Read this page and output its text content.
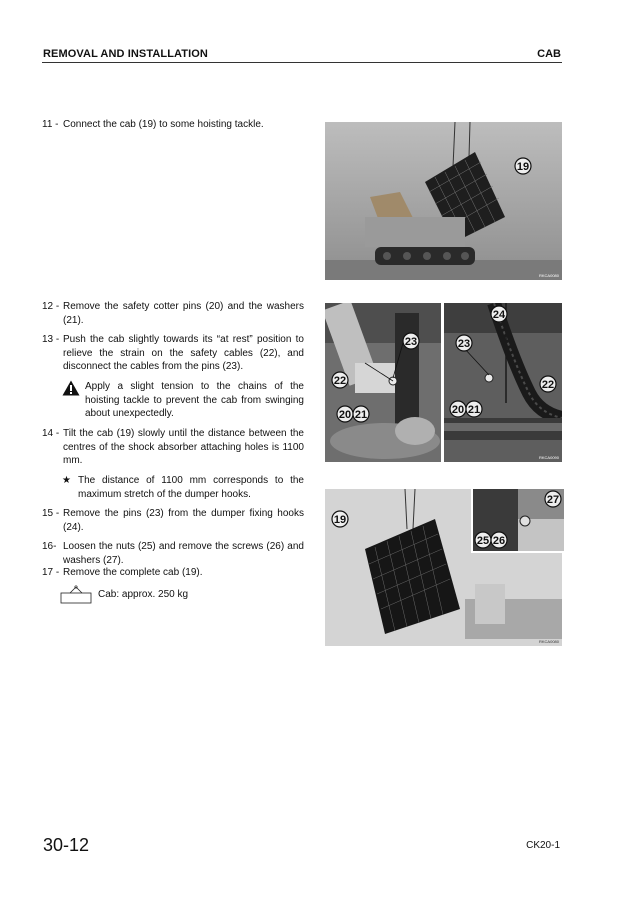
REMOVAL AND INSTALLATION	CAB
11 - Connect the cab (19) to some hoisting tackle.
12 - Remove the safety cotter pins (20) and the washers (21).
13 - Push the cab slightly towards its “at rest” position to relieve the strain on the safety cables (22), and disconnect the cables from the pins (23).
Apply a slight tension to the chains of the hoisting tackle to prevent the cab from swinging about unexpectedly.
14 - Tilt the cab (19) slowly until the distance between the centres of the shock absorber attaching holes is 1100 mm.
★ The distance of 1100 mm corresponds to the maximum stretch of the dumper hooks.
15 - Remove the pins (23) from the dumper fixing hooks (24).
16- Loosen the nuts (25) and remove the screws (26) and washers (27).
17 - Remove the complete cab (19).
Cab: approx. 250 kg
19
RKCA0080
23
22
20 21
24
23
22
20 21
RKCA0090
19
RKCA0080
27
25 26
30-12	CK20-1
